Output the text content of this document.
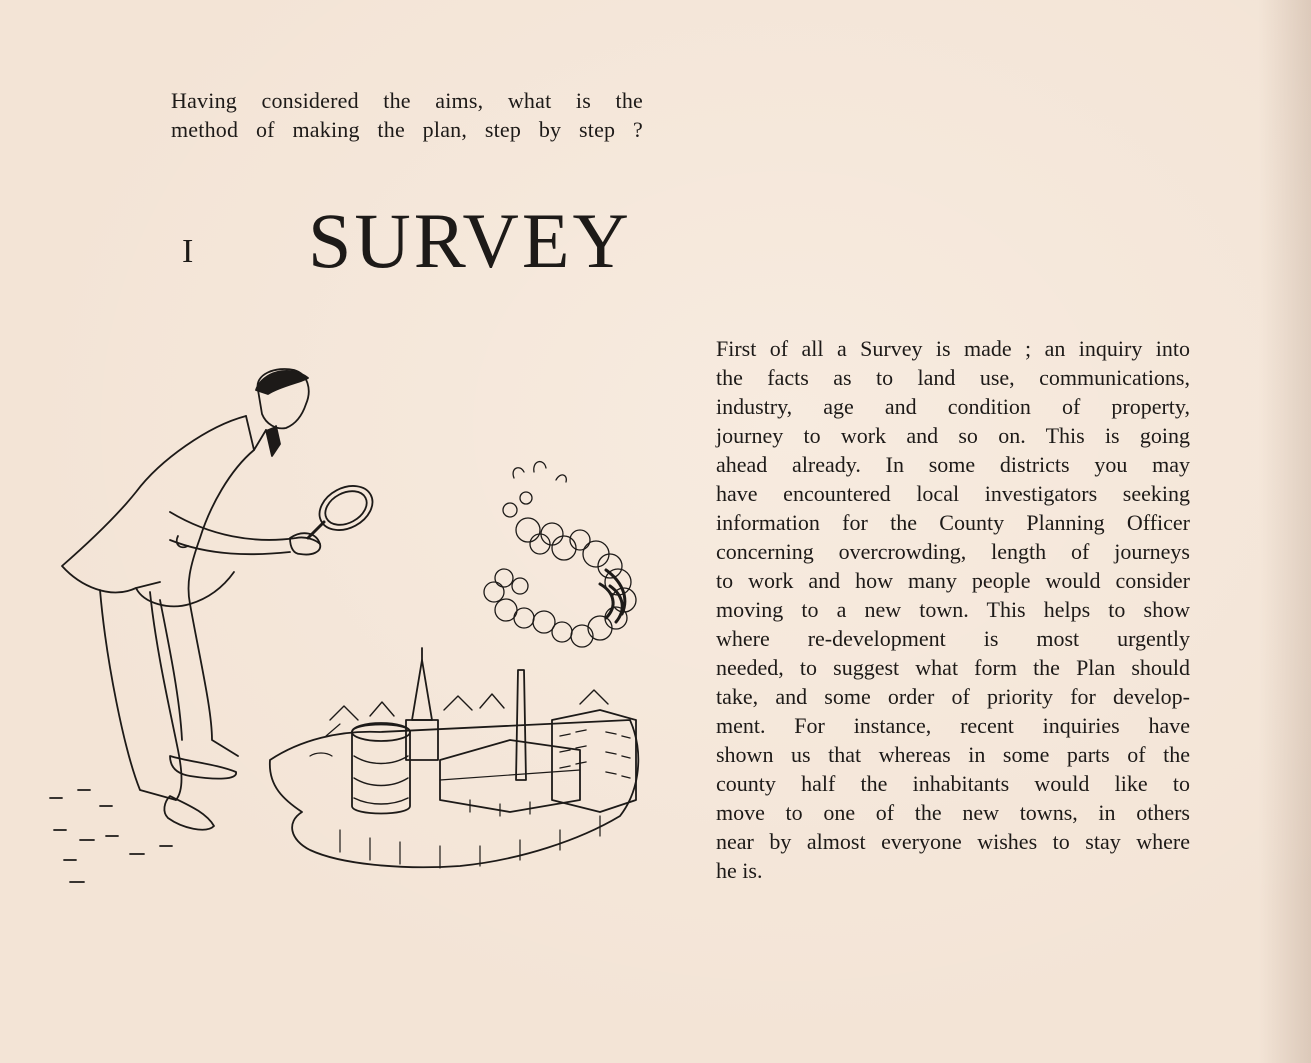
Having considered the aims, what is the

method of making the plan, step by step ?

I SURVEY
First of all a Survey is made ; an inquiry into
the facts as to land use, communications,
industry, age and condition of property,
journey to work and so on. This is going
ahead already. In some districts you may
have encountered local investigators seeking
information for the County Planning Officer
concerning overcrowding, length of journeys
to work and how many people would consider
moving to a new town. This helps to show
where re-development is most urgently
needed, to suggest what form the Plan should
take, and some order of priority for develop-
ment. For instance, recent inquiries have
shown us that whereas in some parts of the
county half the inhabitants would like to
move to one of the new towns, in others
near by almost everyone wishes to stay where
he is.
